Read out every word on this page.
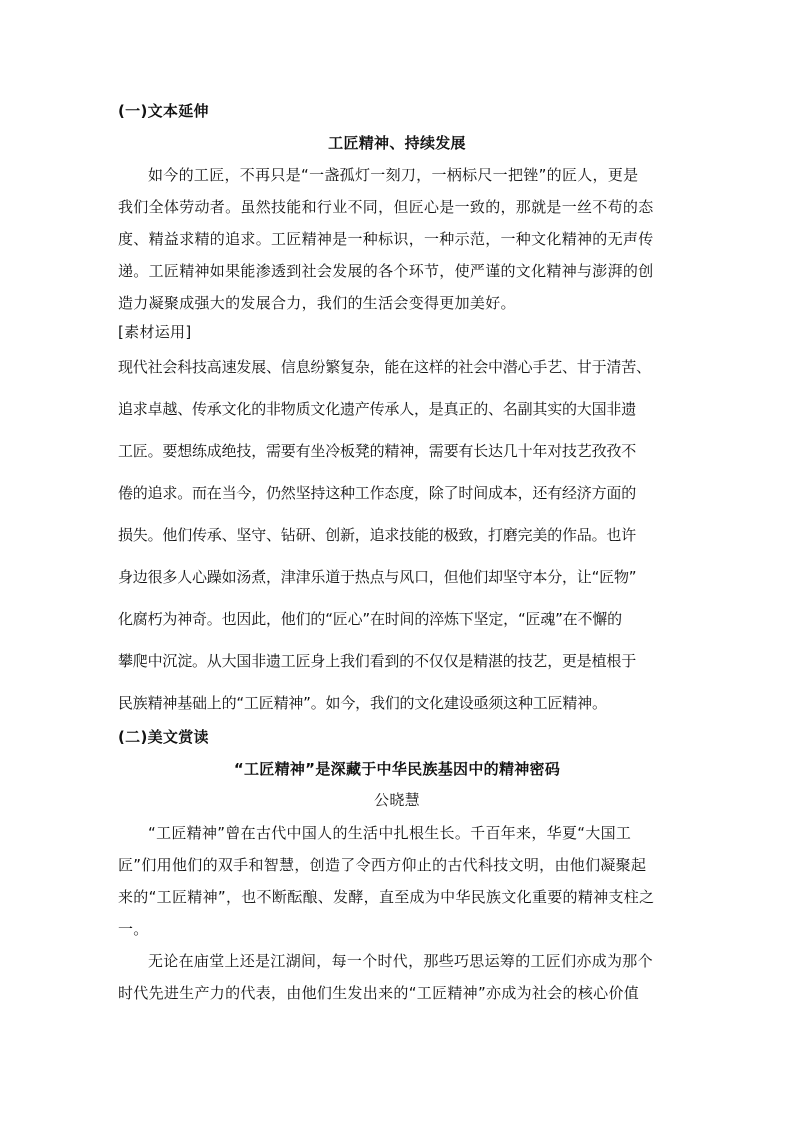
(一)文本延伸
工匠精神、持续发展
如今的工匠，不再只是“一盏孤灯一刻刀，一柄标尺一把锉”的匠人，更是
我们全体劳动者。虽然技能和行业不同，但匠心是一致的，那就是一丝不苟的态
度、精益求精的追求。工匠精神是一种标识，一种示范，一种文化精神的无声传
递。工匠精神如果能渗透到社会发展的各个环节，使严谨的文化精神与澎湃的创
造力凝聚成强大的发展合力，我们的生活会变得更加美好。
[素材运用]
现代社会科技高速发展、信息纷繁复杂，能在这样的社会中潜心手艺、甘于清苦、
追求卓越、传承文化的非物质文化遗产传承人，是真正的、名副其实的大国非遗
工匠。要想练成绝技，需要有坐冷板凳的精神，需要有长达几十年对技艺孜孜不
倦的追求。而在当今，仍然坚持这种工作态度，除了时间成本，还有经济方面的
损失。他们传承、坚守、钻研、创新，追求技能的极致，打磨完美的作品。也许
身边很多人心躁如汤煮，津津乐道于热点与风口，但他们却坚守本分，让“匠物”
化腐朽为神奇。也因此，他们的“匠心”在时间的淬炼下坚定，“匠魂”在不懈的
攀爬中沉淀。从大国非遗工匠身上我们看到的不仅仅是精湛的技艺，更是植根于
民族精神基础上的“工匠精神”。如今，我们的文化建设亟须这种工匠精神。
(二)美文赏读
“工匠精神”是深藏于中华民族基因中的精神密码
公晓慧
“工匠精神”曾在古代中国人的生活中扎根生长。千百年来，华夏“大国工
匠”们用他们的双手和智慧，创造了令西方仰止的古代科技文明，由他们凝聚起
来的“工匠精神”，也不断酝酿、发酵，直至成为中华民族文化重要的精神支柱之
一。
无论在庙堂上还是江湖间，每一个时代，那些巧思运筹的工匠们亦成为那个
时代先进生产力的代表，由他们生发出来的“工匠精神”亦成为社会的核心价值
